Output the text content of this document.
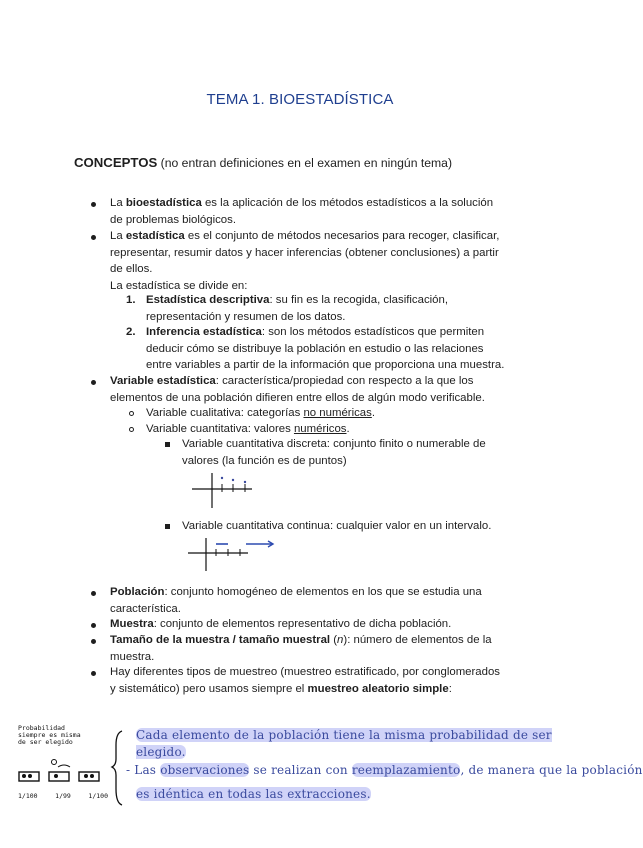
TEMA 1. BIOESTADÍSTICA
CONCEPTOS (no entran definiciones en el examen en ningún tema)
La bioestadística es la aplicación de los métodos estadísticos a la solución
de problemas biológicos.
La estadística es el conjunto de métodos necesarios para recoger, clasificar,
representar, resumir datos y hacer inferencias (obtener conclusiones) a partir
de ellos.
La estadística se divide en:
1. Estadística descriptiva: su fin es la recogida, clasificación,
representación y resumen de los datos.
2. Inferencia estadística: son los métodos estadísticos que permiten
deducir cómo se distribuye la población en estudio o las relaciones
entre variables a partir de la información que proporciona una muestra.
Variable estadística: característica/propiedad con respecto a la que los
elementos de una población difieren entre ellos de algún modo verificable.
Variable cualitativa: categorías no numéricas.
Variable cuantitativa: valores numéricos.
Variable cuantitativa discreta: conjunto finito o numerable de
valores (la función es de puntos)
Variable cuantitativa continua: cualquier valor en un intervalo.
Población: conjunto homogéneo de elementos en los que se estudia una
característica.
Muestra: conjunto de elementos representativo de dicha población.
Tamaño de la muestra / tamaño muestral (n): número de elementos de la
muestra.
Hay diferentes tipos de muestreo (muestreo estratificado, por conglomerados
y sistemático) pero usamos siempre el muestreo aleatorio simple:
Probabilidad
siempre es misma
de ser elegido
1/100	1/99	1/100
Cada elemento de la población tiene la misma probabilidad de ser elegido.
- Las observaciones se realizan con reemplazamiento, de manera que la población
es idéntica en todas las extracciones.
